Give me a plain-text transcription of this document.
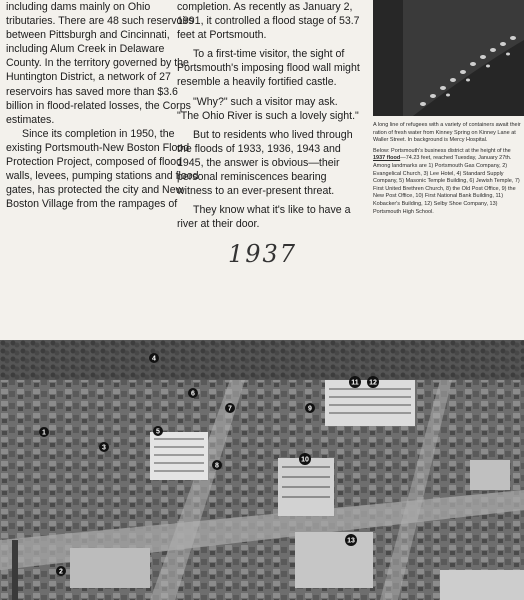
including dams mainly on Ohio tributaries. There are 48 such reservoirs between Pittsburgh and Cincinnati, including Alum Creek in Delaware County. In the territory governed by the Huntington District, a network of 27 reservoirs has saved more than $3.6 billion in flood-related losses, the Corps estimates.

Since its completion in 1950, the existing Portsmouth-New Boston Flood Protection Project, composed of flood walls, levees, pumping stations and flood gates, has protected the city and New Boston Village from the rampages of

completion. As recently as January 2, 1991, it controlled a flood stage of 53.7 feet at Portsmouth.

To a first-time visitor, the sight of Portsmouth's imposing flood wall might resemble a heavily fortified castle.

"Why?" such a visitor may ask. "The Ohio River is such a lovely sight."

But to residents who lived through the floods of 1933, 1936, 1943 and 1945, the answer is obvious—their personal reminiscences bearing witness to an ever-present threat.

They know what it's like to have a river at their door.

A long line of refugees with a variety of containers await their ration of fresh water from Kinney Spring on Kinney Lane at Waller Street. In background is Mercy Hospital.

Below: Portsmouth's business district at the height of the 1937 flood—74.23 feet, reached Tuesday, January 27th. Among landmarks are 1) Portsmouth Gas Company, 2) Evangelical Church, 3) Lee Hotel, 4) Standard Supply Company, 5) Masonic Temple Building, 6) Jewish Temple, 7) First United Brethren Church, 8) the Old Post Office, 9) the New Post Office, 10) First National Bank Building, 11) Kobacker's Building, 12) Selby Shoe Company, 13) Portsmouth High School.

1937
1
2
3
4
5
6
7
8
9
10
11 12
13
